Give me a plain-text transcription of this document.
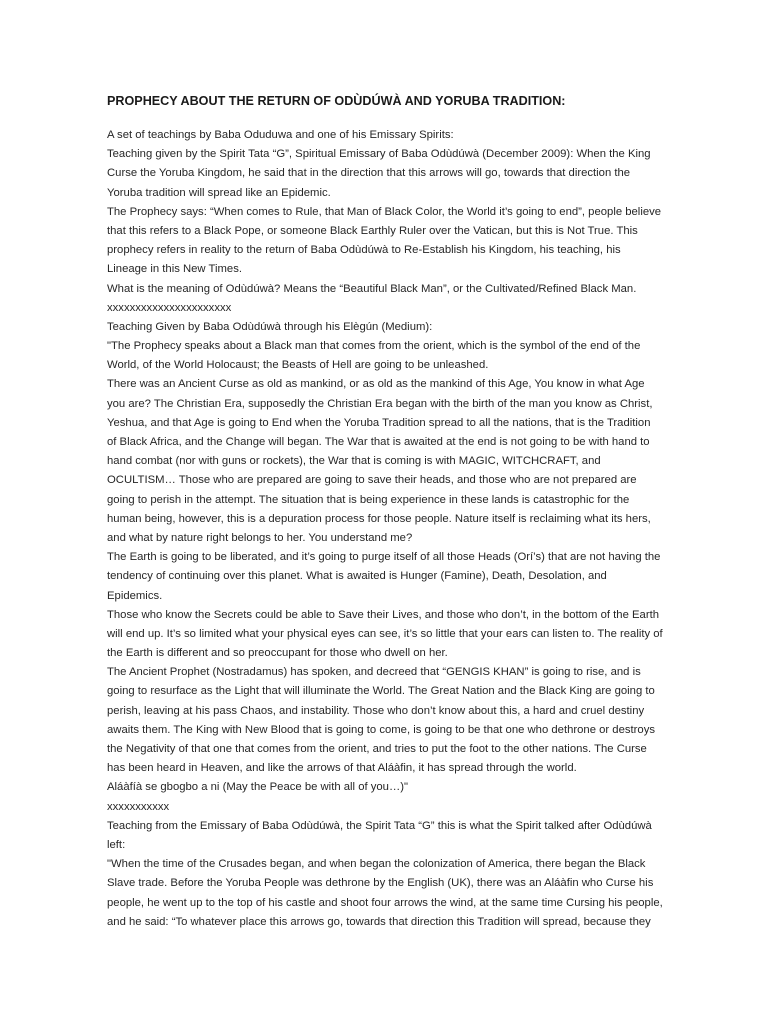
PROPHECY ABOUT THE RETURN OF ODÙDÚWÀ AND YORUBA TRADITION:
A set of teachings by Baba Oduduwa and one of his Emissary Spirits:
Teaching given by the Spirit Tata “G”, Spiritual Emissary of Baba Odùdúwà (December 2009): When the King
Curse the Yoruba Kingdom, he said that in the direction that this arrows will go, towards that direction the
Yoruba tradition will spread like an Epidemic.
The Prophecy says: “When comes to Rule, that Man of Black Color, the World it’s going to end”, people believe
that this refers to a Black Pope, or someone Black Earthly Ruler over the Vatican, but this is Not True. This
prophecy refers in reality to the return of Baba Odùdúwà to Re-Establish his Kingdom, his teaching, his
Lineage in this New Times.
What is the meaning of Odùdúwà? Means the “Beautiful Black Man”, or the Cultivated/Refined Black Man.
xxxxxxxxxxxxxxxxxxxxxx
Teaching Given by Baba Odùdúwà through his Elègún (Medium):
"The Prophecy speaks about a Black man that comes from the orient, which is the symbol of the end of the
World, of the World Holocaust; the Beasts of Hell are going to be unleashed.
There was an Ancient Curse as old as mankind, or as old as the mankind of this Age, You know in what Age
you are? The Christian Era, supposedly the Christian Era began with the birth of the man you know as Christ,
Yeshua, and that Age is going to End when the Yoruba Tradition spread to all the nations, that is the Tradition
of Black Africa, and the Change will began. The War that is awaited at the end is not going to be with hand to
hand combat (nor with guns or rockets), the War that is coming is with MAGIC, WITCHCRAFT, and
OCULTISM… Those who are prepared are going to save their heads, and those who are not prepared are
going to perish in the attempt. The situation that is being experience in these lands is catastrophic for the
human being, however, this is a depuration process for those people. Nature itself is reclaiming what its hers,
and what by nature right belongs to her. You understand me?
The Earth is going to be liberated, and it’s going to purge itself of all those Heads (Orí’s) that are not having the
tendency of continuing over this planet. What is awaited is Hunger (Famine), Death, Desolation, and
Epidemics.
Those who know the Secrets could be able to Save their Lives, and those who don’t, in the bottom of the Earth
will end up. It’s so limited what your physical eyes can see, it’s so little that your ears can listen to. The reality of
the Earth is different and so preoccupant for those who dwell on her.
The Ancient Prophet (Nostradamus) has spoken, and decreed that “GENGIS KHAN” is going to rise, and is
going to resurface as the Light that will illuminate the World. The Great Nation and the Black King are going to
perish, leaving at his pass Chaos, and instability. Those who don’t know about this, a hard and cruel destiny
awaits them. The King with New Blood that is going to come, is going to be that one who dethrone or destroys
the Negativity of that one that comes from the orient, and tries to put the foot to the other nations. The Curse
has been heard in Heaven, and like the arrows of that Aláàfin, it has spread through the world.
Aláàfíà se gbogbo a ni (May the Peace be with all of you…)"
xxxxxxxxxxx
Teaching from the Emissary of Baba Odùdúwà, the Spirit Tata “G” this is what the Spirit talked after Odùdúwà
left:
"When the time of the Crusades began, and when began the colonization of America, there began the Black
Slave trade. Before the Yoruba People was dethrone by the English (UK), there was an Aláàfin who Curse his
people, he went up to the top of his castle and shoot four arrows the wind, at the same time Cursing his people,
and he said: “To whatever place this arrows go, towards that direction this Tradition will spread, because they
